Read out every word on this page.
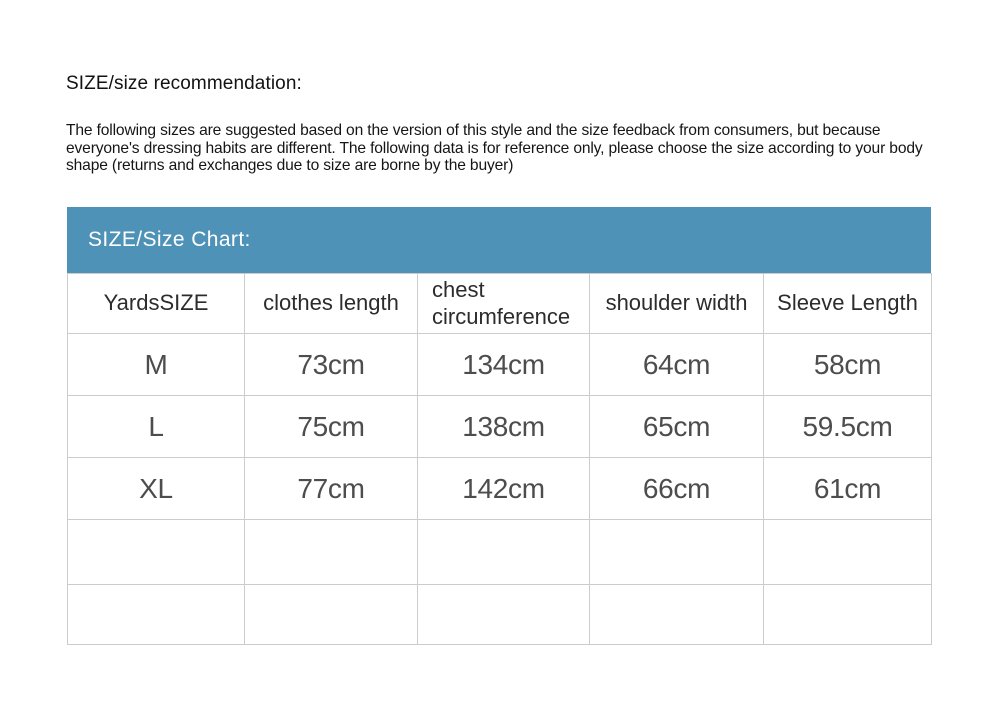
SIZE/size recommendation:

The following sizes are suggested based on the version of this style and the size feedback from consumers, but because everyone's dressing habits are different. The following data is for reference only, please choose the size according to your body shape (returns and exchanges due to size are borne by the buyer)

SIZE/Size Chart:
YardsSIZE	clothes length	chest circumference	shoulder width	Sleeve Length
M	73cm	134cm	64cm	58cm
L	75cm	138cm	65cm	59.5cm
XL	77cm	142cm	66cm	61cm
